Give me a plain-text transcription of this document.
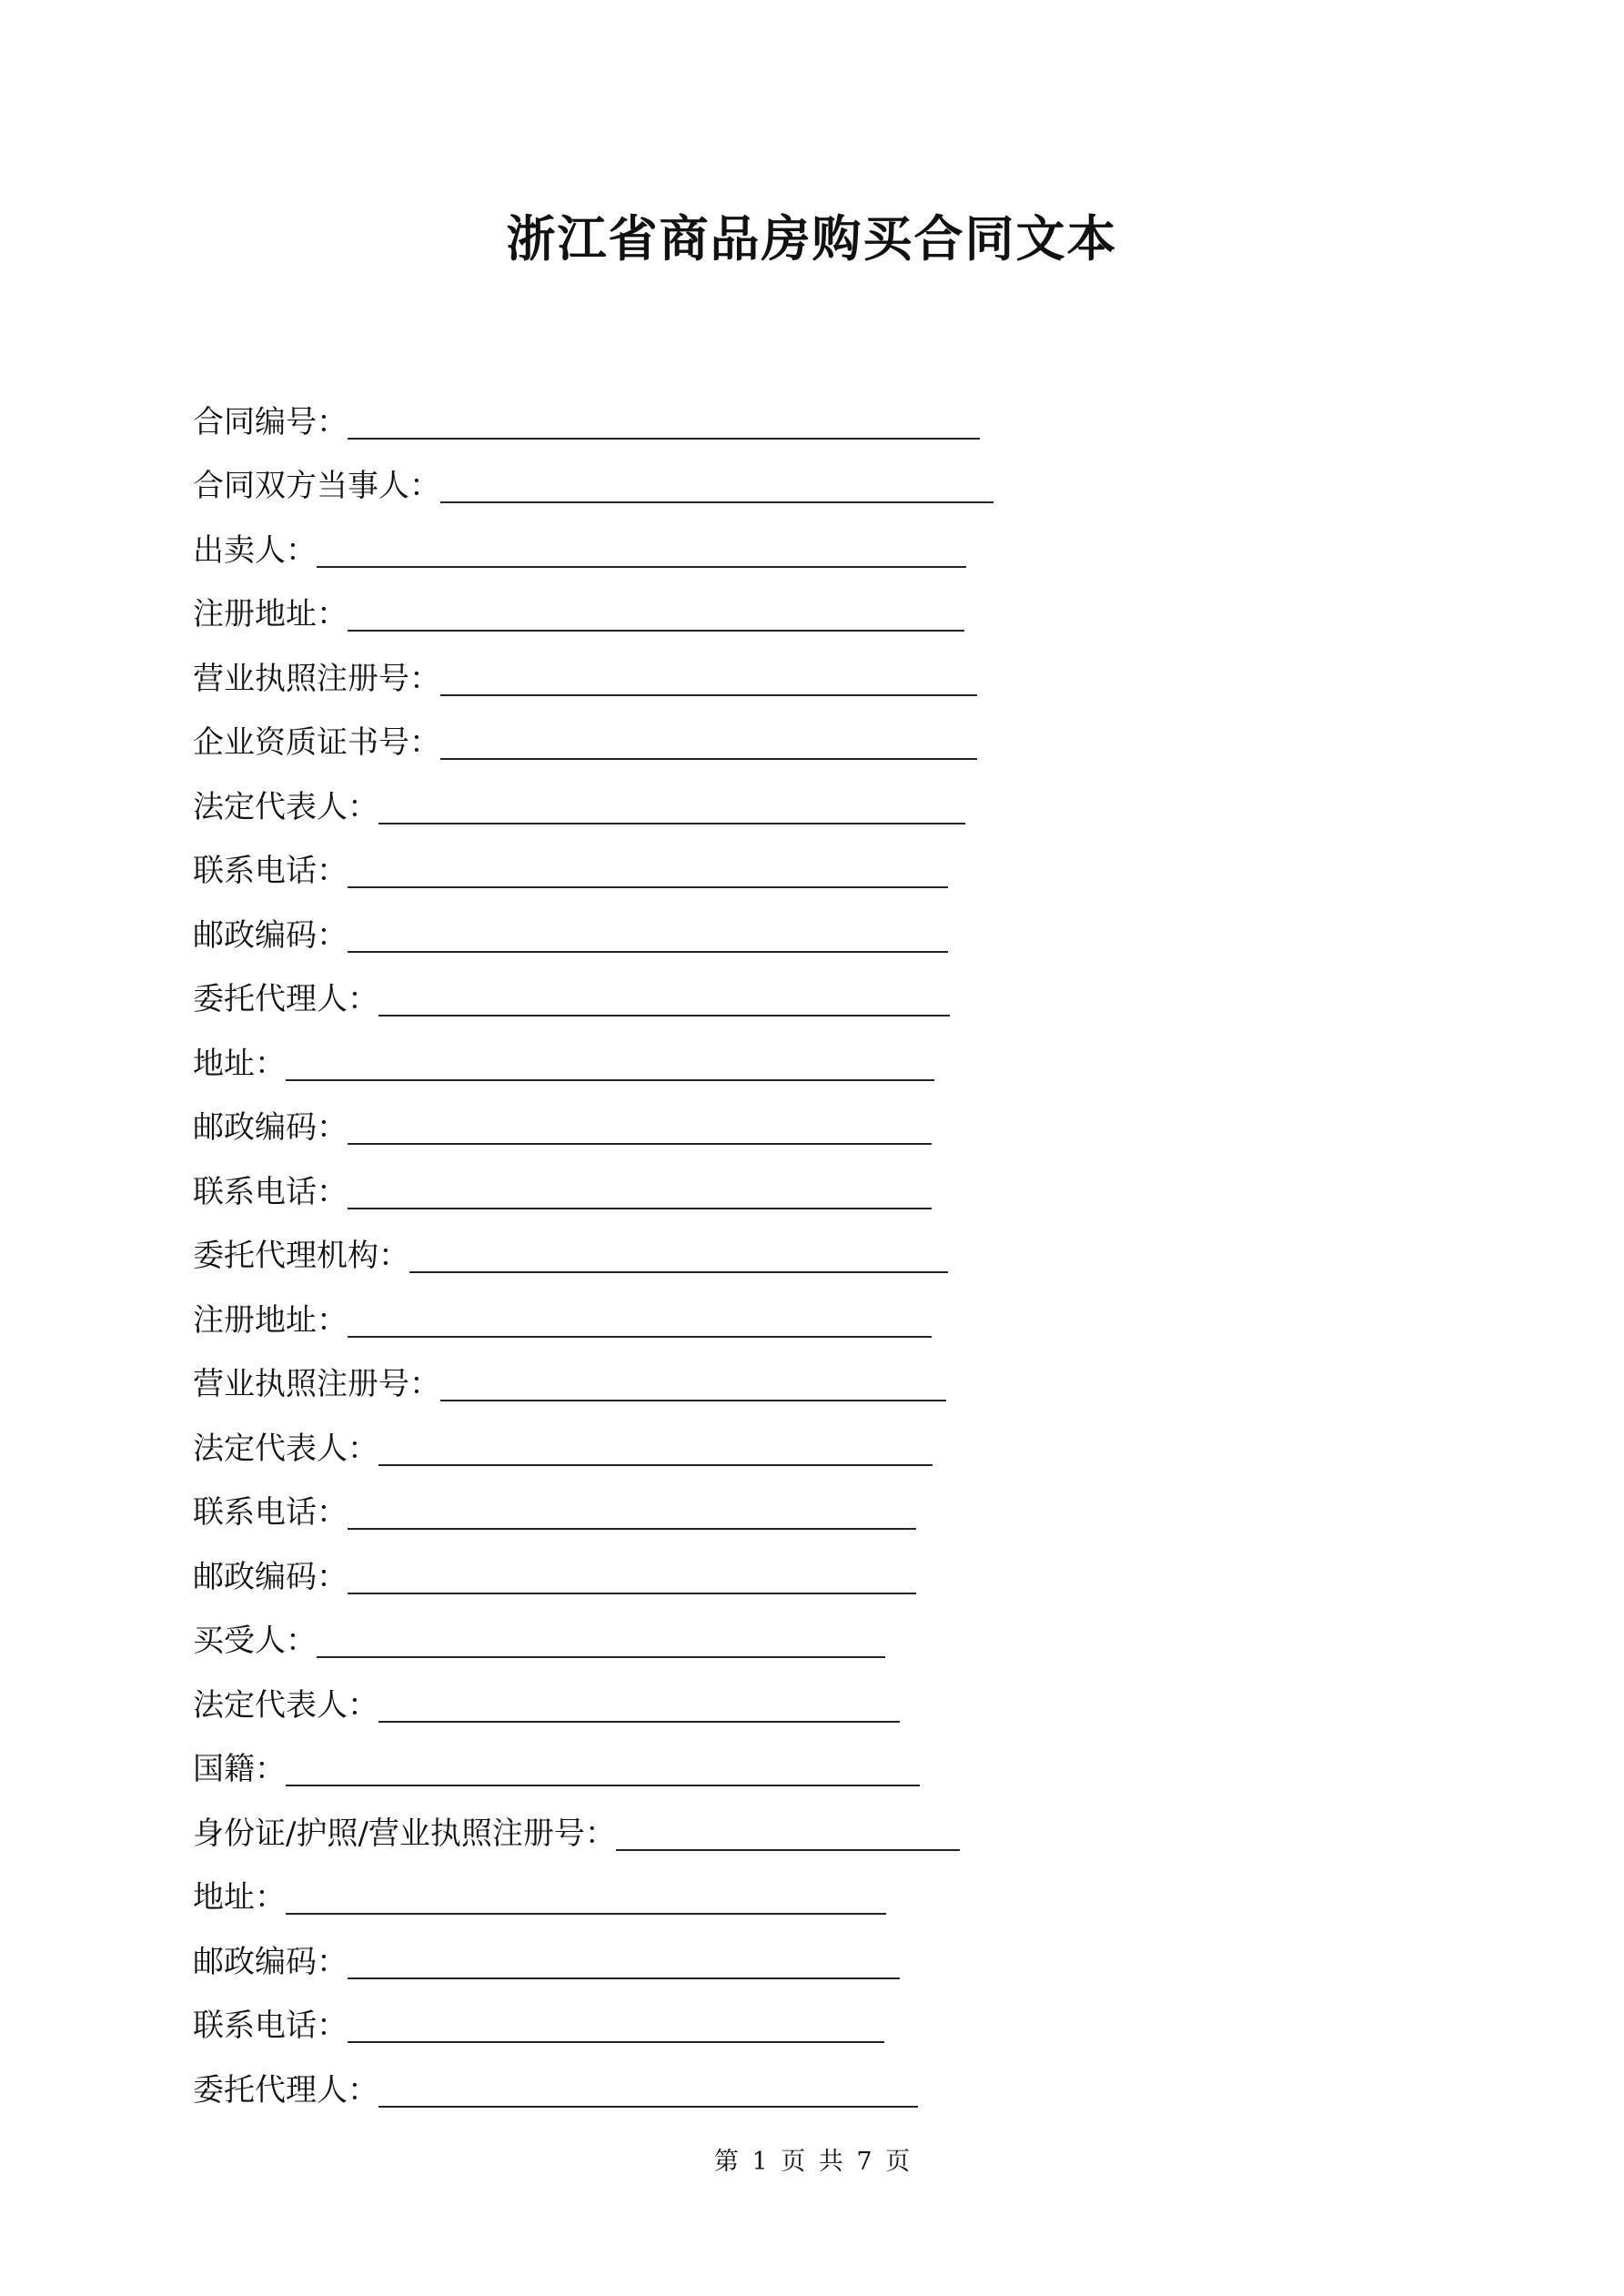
浙江省商品房购买合同文本
合同编号：
合同双方当事人：
出卖人：
注册地址：
营业执照注册号：
企业资质证书号：
法定代表人：
联系电话：
邮政编码：
委托代理人：
地址：
邮政编码：
联系电话：
委托代理机构：
注册地址：
营业执照注册号：
法定代表人：
联系电话：
邮政编码：
买受人：
法定代表人：
国籍：
身份证/护照/营业执照注册号：
地址：
邮政编码：
联系电话：
委托代理人：
第 1 页 共 7 页
